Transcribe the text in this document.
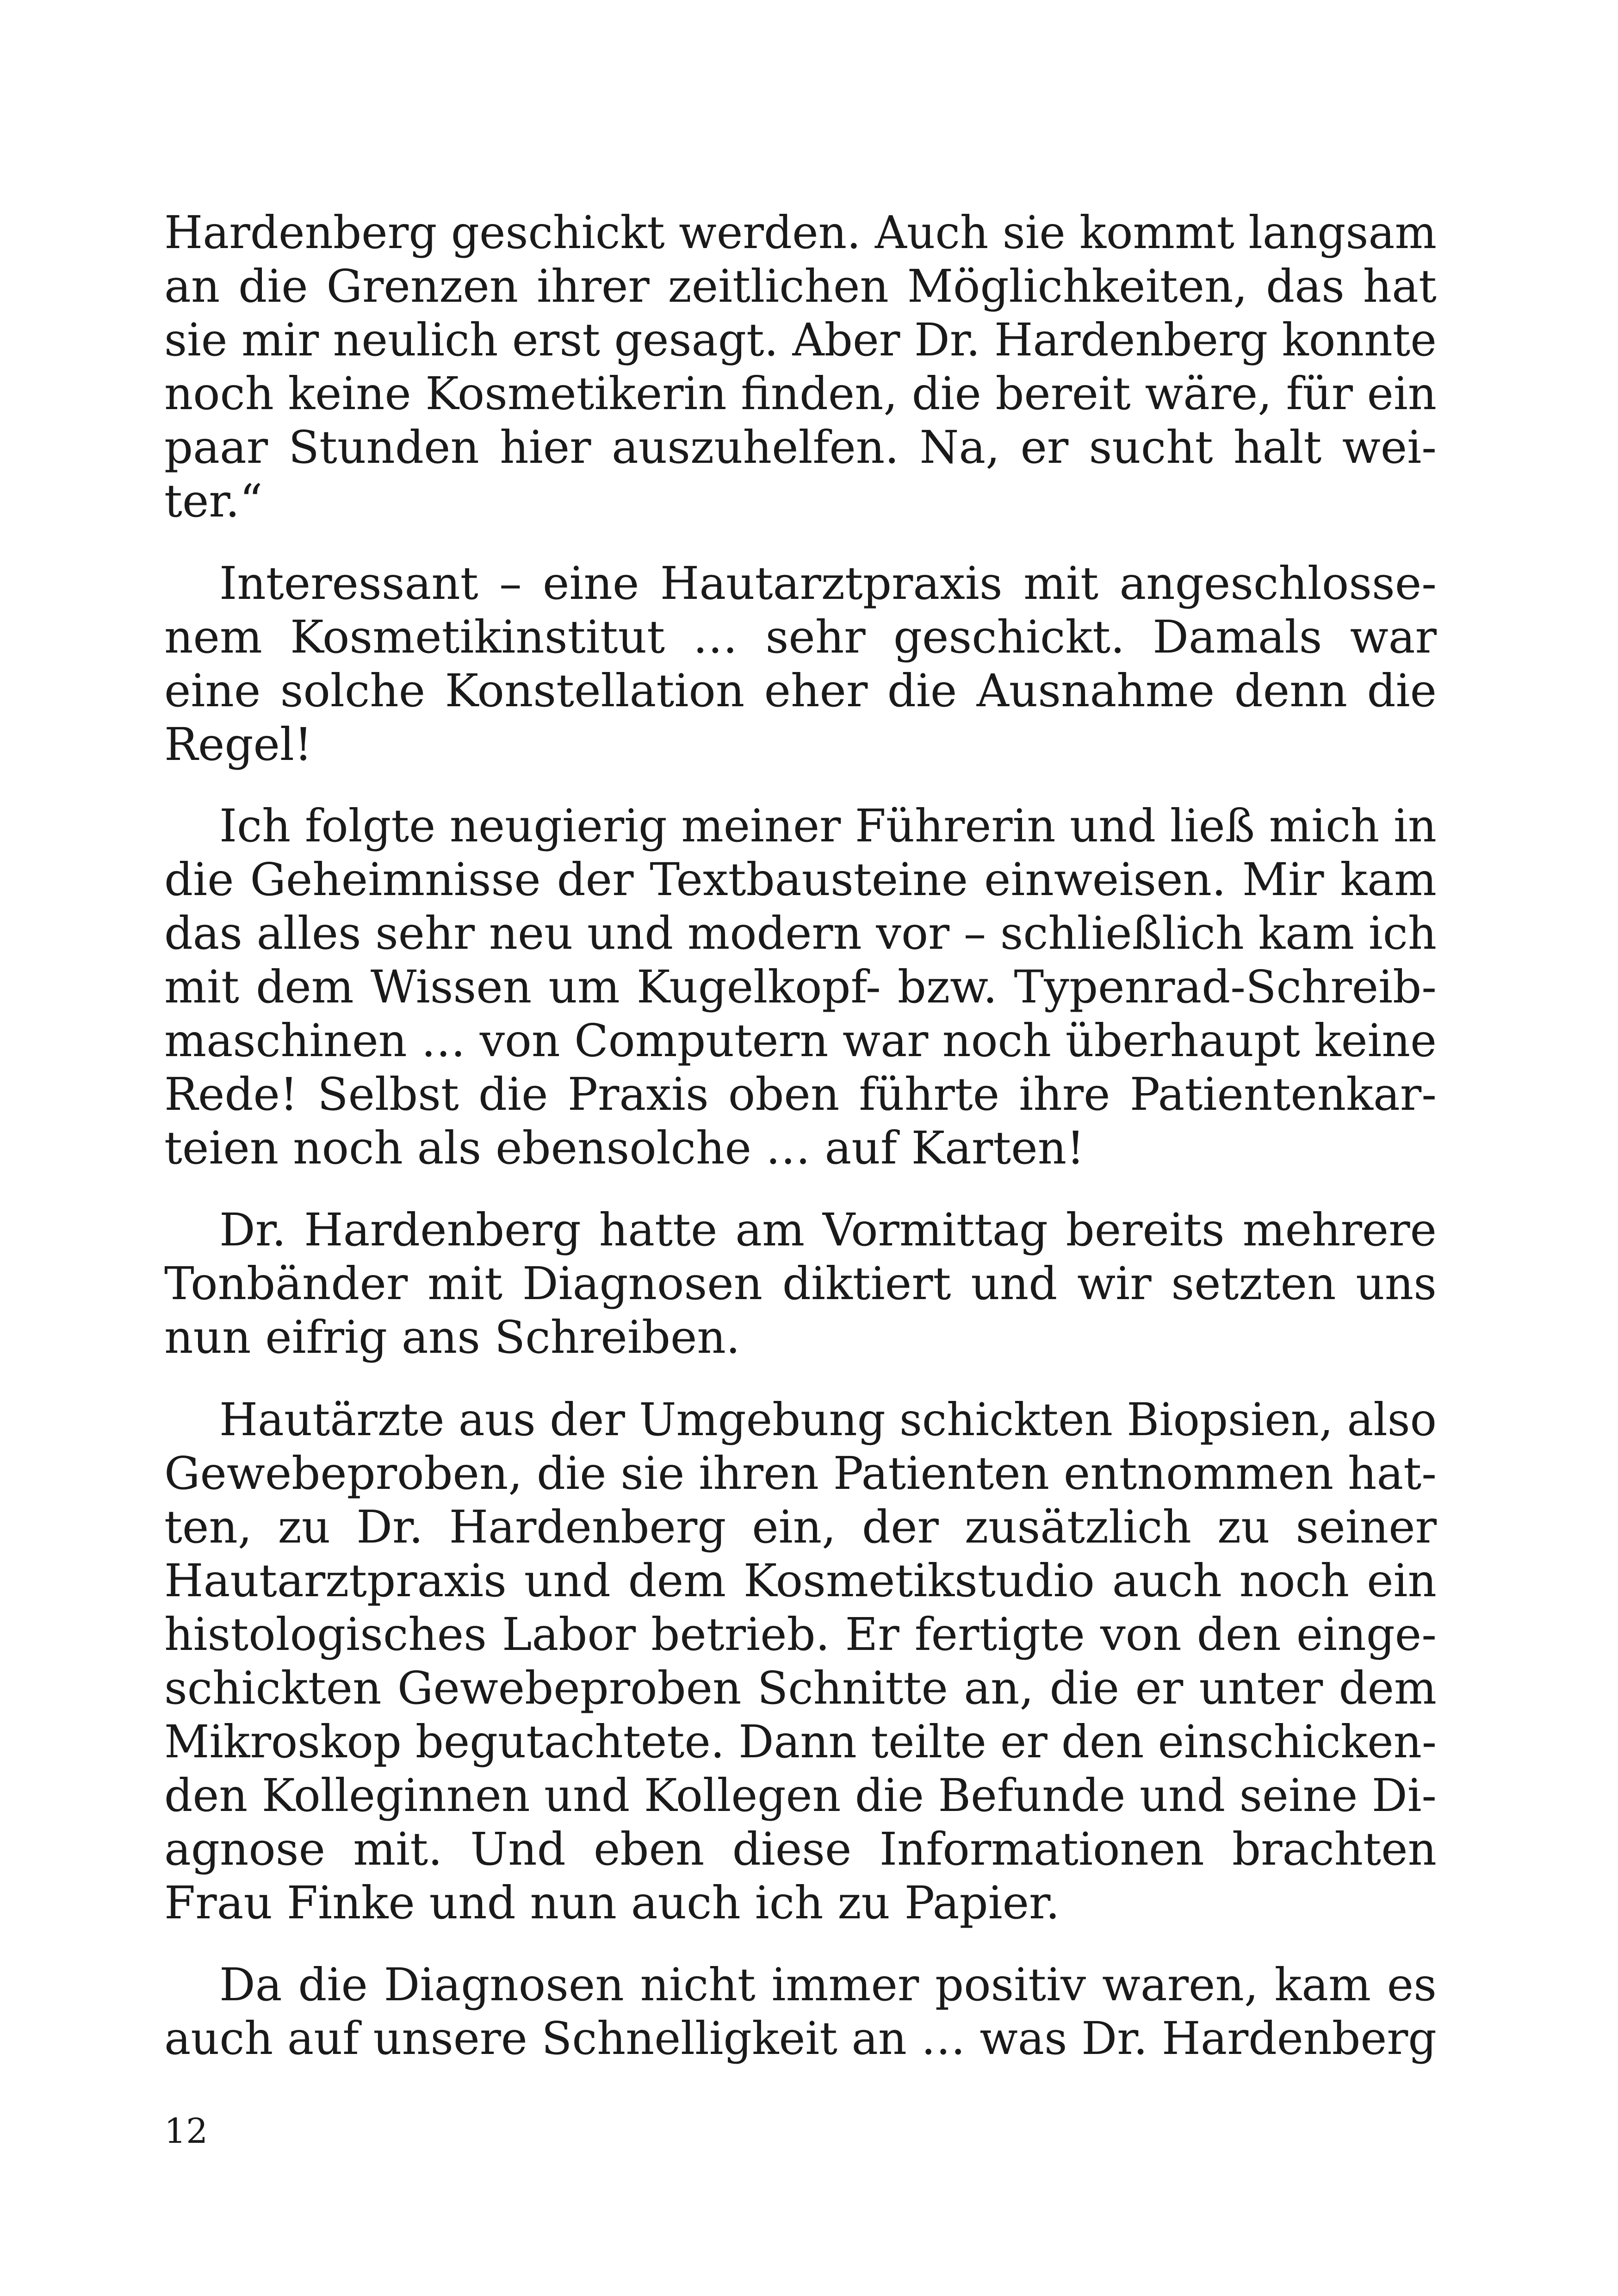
Hardenberg geschickt werden. Auch sie kommt langsam
an die Grenzen ihrer zeitlichen Möglichkeiten, das hat
sie mir neulich erst gesagt. Aber Dr. Hardenberg konnte
noch keine Kosmetikerin finden, die bereit wäre, für ein
paar Stunden hier auszuhelfen. Na, er sucht halt wei-
ter.“
Interessant – eine Hautarztpraxis mit angeschlosse-
nem Kosmetikinstitut … sehr geschickt. Damals war
eine solche Konstellation eher die Ausnahme denn die
Regel!
Ich folgte neugierig meiner Führerin und ließ mich in
die Geheimnisse der Textbausteine einweisen. Mir kam
das alles sehr neu und modern vor – schließlich kam ich
mit dem Wissen um Kugelkopf- bzw. Typenrad-Schreib-
maschinen … von Computern war noch überhaupt keine
Rede! Selbst die Praxis oben führte ihre Patientenkar-
teien noch als ebensolche … auf Karten!
Dr. Hardenberg hatte am Vormittag bereits mehrere
Tonbänder mit Diagnosen diktiert und wir setzten uns
nun eifrig ans Schreiben.
Hautärzte aus der Umgebung schickten Biopsien, also
Gewebeproben, die sie ihren Patienten entnommen hat-
ten, zu Dr. Hardenberg ein, der zusätzlich zu seiner
Hautarztpraxis und dem Kosmetikstudio auch noch ein
histologisches Labor betrieb. Er fertigte von den einge-
schickten Gewebeproben Schnitte an, die er unter dem
Mikroskop begutachtete. Dann teilte er den einschicken-
den Kolleginnen und Kollegen die Befunde und seine Di-
agnose mit. Und eben diese Informationen brachten
Frau Finke und nun auch ich zu Papier.
Da die Diagnosen nicht immer positiv waren, kam es
auch auf unsere Schnelligkeit an … was Dr. Hardenberg
12
